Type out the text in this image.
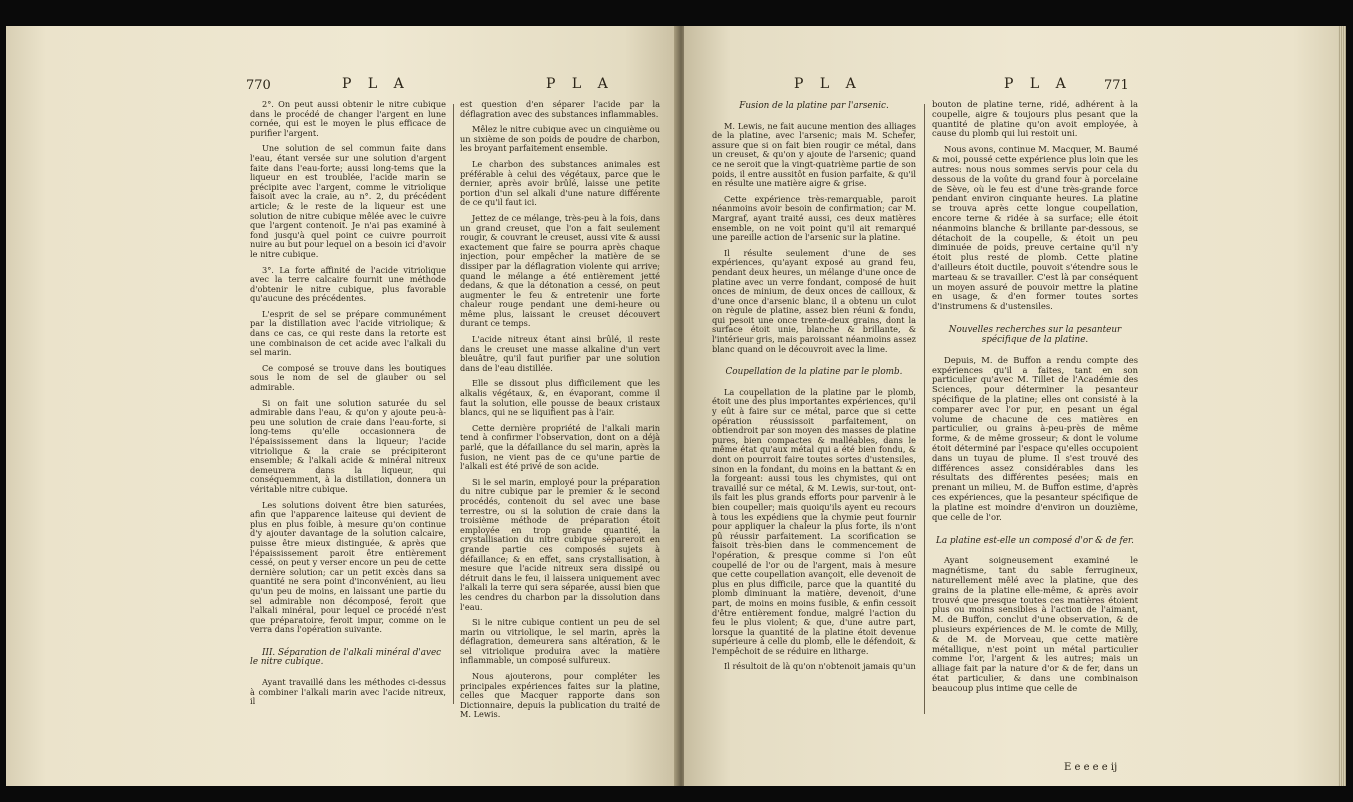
770	P L A	P L A

2°. On peut aussi obtenir le nitre cubique dans le procédé de changer l'argent en lune cornée, qui est le moyen le plus efficace de purifier l'argent.

Une solution de sel commun faite dans l'eau, étant versée sur une solution d'argent faite dans l'eau-forte; aussi long-tems que la liqueur en est troublée, l'acide marin se précipite avec l'argent, comme le vitriolique faisoit avec la craie, au n°. 2, du précédent article; & le reste de la liqueur est une solution de nitre cubique mêlée avec le cuivre que l'argent contenoit. Je n'ai pas examiné à fond jusqu'à quel point ce cuivre pourroit nuire au but pour lequel on a besoin ici d'avoir le nitre cubique.

3°. La forte affinité de l'acide vitriolique avec la terre calcaire fournit une méthode d'obtenir le nitre cubique, plus favorable qu'aucune des précédentes.

L'esprit de sel se prépare communément par la distillation avec l'acide vitriolique; & dans ce cas, ce qui reste dans la retorte est une combinaison de cet acide avec l'alkali du sel marin.

Ce composé se trouve dans les boutiques sous le nom de sel de glauber ou sel admirable.

Si on fait une solution saturée du sel admirable dans l'eau, & qu'on y ajoute peu-à-peu une solution de craie dans l'eau-forte, si long-tems qu'elle occasionnera de l'épaississement dans la liqueur; l'acide vitriolique & la craie se précipiteront ensemble; & l'alkali acide & minéral nitreux demeurera dans la liqueur, qui conséquemment, à la distillation, donnera un véritable nitre cubique.

Les solutions doivent être bien saturées, afin que l'apparence laiteuse qui devient de plus en plus foible, à mesure qu'on continue d'y ajouter davantage de la solution calcaire, puisse être mieux distinguée, & après que l'épaississement paroit être entièrement cessé, on peut y verser encore un peu de cette dernière solution; car un petit excès dans sa quantité ne sera point d'inconvénient, au lieu qu'un peu de moins, en laissant une partie du sel admirable non décomposé, feroit que l'alkali minéral, pour lequel ce procédé n'est que préparatoire, feroit impur, comme on le verra dans l'opération suivante.

III. Séparation de l'alkali minéral d'avec le nitre cubique.

Ayant travaillé dans les méthodes ci-dessus à combiner l'alkali marin avec l'acide nitreux, il

est question d'en séparer l'acide par la déflagration avec des substances inflammables.

Mêlez le nitre cubique avec un cinquième ou un sixième de son poids de poudre de charbon, les broyant parfaitement ensemble.

Le charbon des substances animales est préférable à celui des végétaux, parce que le dernier, après avoir brûlé, laisse une petite portion d'un sel alkali d'une nature différente de ce qu'il faut ici.

Jettez de ce mélange, très-peu à la fois, dans un grand creuset, que l'on a fait seulement rougir, & couvrant le creuset, aussi vite & aussi exactement que faire se pourra après chaque injection, pour empêcher la matière de se dissiper par la déflagration violente qui arrive; quand le mélange a été entièrement jetté dedans, & que la détonation a cessé, on peut augmenter le feu & entretenir une forte chaleur rouge pendant une demi-heure ou même plus, laissant le creuset découvert durant ce temps.

L'acide nitreux étant ainsi brûlé, il reste dans le creuset une masse alkaline d'un vert bleuâtre, qu'il faut purifier par une solution dans de l'eau distillée.

Elle se dissout plus difficilement que les alkalis végétaux, &, en évaporant, comme il faut la solution, elle pousse de beaux cristaux blancs, qui ne se liquifient pas à l'air.

Cette dernière propriété de l'alkali marin tend à confirmer l'observation, dont on a déjà parlé, que la défaillance du sel marin, après la fusion, ne vient pas de ce qu'une partie de l'alkali est été privé de son acide.

Si le sel marin, employé pour la préparation du nitre cubique par le premier & le second procédés, contenoit du sel avec une base terrestre, ou si la solution de craie dans la troisième méthode de préparation étoit employée en trop grande quantité, la crystallisation du nitre cubique sépareroit en grande partie ces composés sujets à défaillance; & en effet, sans crystallisation, à mesure que l'acide nitreux sera dissipé ou détruit dans le feu, il laissera uniquement avec l'alkali la terre qui sera séparée, aussi bien que les cendres du charbon par la dissolution dans l'eau.

Si le nitre cubique contient un peu de sel marin ou vitriolique, le sel marin, après la déflagration, demeurera sans altération, & le sel vitriolique produira avec la matière inflammable, un composé sulfureux.

Nous ajouterons, pour compléter les principales expériences faites sur la platine, celles que Macquer rapporte dans son Dictionnaire, depuis la publication du traité de M. Lewis.

P L A	P L A 771

Fusion de la platine par l'arsenic.

M. Lewis, ne fait aucune mention des alliages de la platine, avec l'arsenic; mais M. Schefer, assure que si on fait bien rougir ce métal, dans un creuset, & qu'on y ajoute de l'arsenic; quand ce ne seroit que la vingt-quatrième partie de son poids, il entre aussitôt en fusion parfaite, & qu'il en résulte une matière aigre & grise.

Cette expérience très-remarquable, paroit néanmoins avoir besoin de confirmation; car M. Margraf, ayant traité aussi, ces deux matières ensemble, on ne voit point qu'il ait remarqué une pareille action de l'arsenic sur la platine.

Il résulte seulement d'une de ses expériences, qu'ayant exposé au grand feu, pendant deux heures, un mélange d'une once de platine avec un verre fondant, composé de huit onces de minium, de deux onces de cailloux, & d'une once d'arsenic blanc, il a obtenu un culot on règule de platine, assez bien réuni & fondu, qui pesoit une once trente-deux grains, dont la surface étoit unie, blanche & brillante, & l'intérieur gris, mais paroissant néanmoins assez blanc quand on le découvroit avec la lime.

Coupellation de la platine par le plomb.

La coupellation de la platine par le plomb, étoit une des plus importantes expériences, qu'il y eût à faire sur ce métal, parce que si cette opération réussissoit parfaitement, on obtiendroit par son moyen des masses de platine pures, bien compactes & malléables, dans le même état qu'aux métal qui a été bien fondu, & dont on pourroit faire toutes sortes d'ustensiles, sinon en la fondant, du moins en la battant & en la forgeant: aussi tous les chymistes, qui ont travaillé sur ce métal, & M. Lewis, sur-tout, ont-ils fait les plus grands efforts pour parvenir à le bien coupeller; mais quoiqu'ils ayent eu recours à tous les expédiens que la chymie peut fournir pour appliquer la chaleur la plus forte, ils n'ont pû réussir parfaitement. La scorification se faisoit très-bien dans le commencement de l'opération, & presque comme si l'on eût coupellé de l'or ou de l'argent, mais à mesure que cette coupellation avançoit, elle devenoit de plus en plus difficile, parce que la quantité du plomb diminuant la matière, devenoit, d'une part, de moins en moins fusible, & enfin cessoit d'être entièrement fondue, malgré l'action du feu le plus violent; & que, d'une autre part, lorsque la quantité de la platine étoit devenue supérieure à celle du plomb, elle le défendoit, & l'empêchoit de se réduire en litharge.

Il résultoit de là qu'on n'obtenoit jamais qu'un

bouton de platine terne, ridé, adhérent à la coupelle, aigre & toujours plus pesant que la quantité de platine qu'on avoit employée, à cause du plomb qui lui restoit uni.

Nous avons, continue M. Macquer, M. Baumé & moi, poussé cette expérience plus loin que les autres: nous nous sommes servis pour cela du dessous de la voûte du grand four à porcelaine de Sève, où le feu est d'une très-grande force pendant environ cinquante heures. La platine se trouva après cette longue coupellation, encore terne & ridée à sa surface; elle étoit néanmoins blanche & brillante par-dessous, se détachoit de la coupelle, & étoit un peu diminuée de poids, preuve certaine qu'il n'y étoit plus resté de plomb. Cette platine d'ailleurs étoit ductile, pouvoit s'étendre sous le marteau & se travailler. C'est là par conséquent un moyen assuré de pouvoir mettre la platine en usage, & d'en former toutes sortes d'instrumens & d'ustensiles.

Nouvelles recherches sur la pesanteur spécifique de la platine.

Depuis, M. de Buffon a rendu compte des expériences qu'il a faites, tant en son particulier qu'avec M. Tillet de l'Académie des Sciences, pour déterminer la pesanteur spécifique de la platine; elles ont consisté à la comparer avec l'or pur, en pesant un égal volume de chacune de ces matières en particulier, ou grains à-peu-près de même forme, & de même grosseur; & dont le volume étoit déterminé par l'espace qu'elles occupoient dans un tuyau de plume. Il s'est trouvé des différences assez considérables dans les résultats des différentes pesées; mais en prenant un milieu, M. de Buffon estime, d'après ces expériences, que la pesanteur spécifique de la platine est moindre d'environ un douzième, que celle de l'or.

La platine est-elle un composé d'or & de fer.

Ayant soigneusement examiné le magnétisme, tant du sable ferrugineux, naturellement mêlé avec la platine, que des grains de la platine elle-même, & après avoir trouvé que presque toutes ces matières étoient plus ou moins sensibles à l'action de l'aimant, M. de Buffon, conclut d'une observation, & de plusieurs expériences de M. le comte de Milly, & de M. de Morveau, que cette matière métallique, n'est point un métal particulier comme l'or, l'argent & les autres; mais un alliage fait par la nature d'or & de fer, dans un état particulier, & dans une combinaison beaucoup plus intime que celle de

E e e e e ij
